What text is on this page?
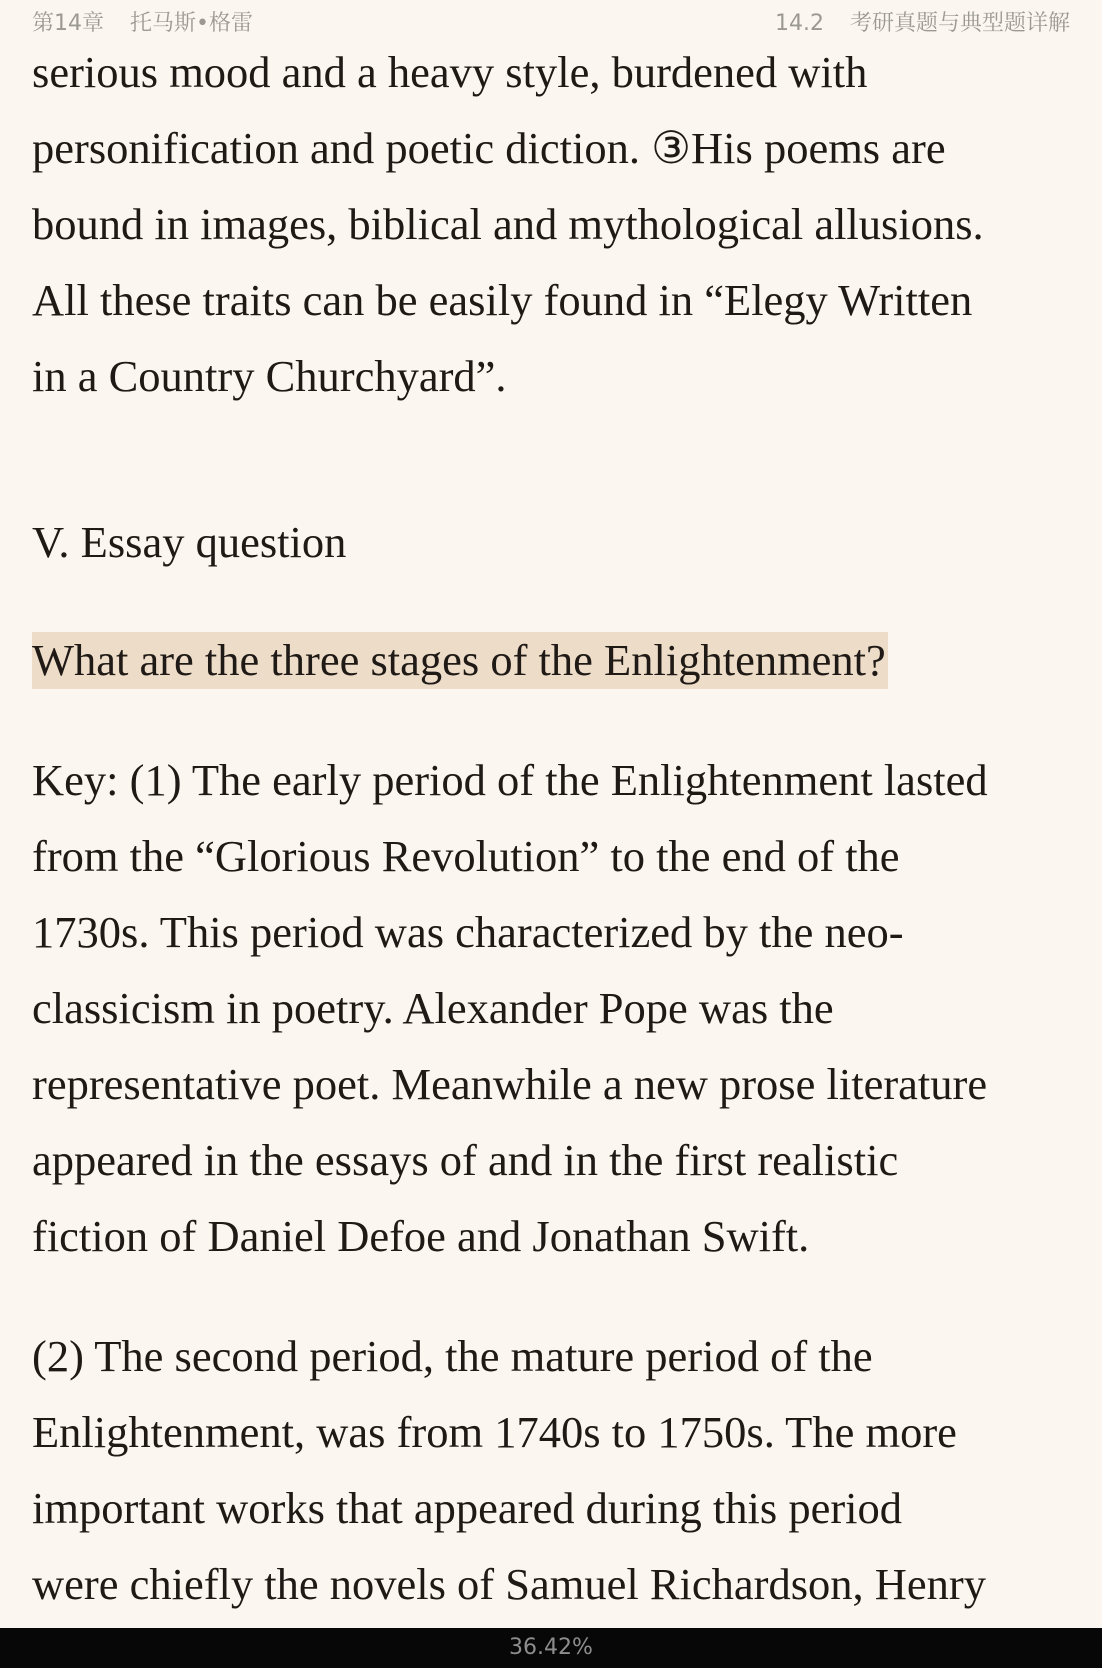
第14章 托马斯•格雷	14.2 考研真题与典型题详解

serious mood and a heavy style, burdened with
personification and poetic diction. ③His poems are
bound in images, biblical and mythological allusions.
All these traits can be easily found in “Elegy Written
in a Country Churchyard”.

V. Essay question
What are the three stages of the Enlightenment?
Key: (1) The early period of the Enlightenment lasted
from the “Glorious Revolution” to the end of the
1730s. This period was characterized by the neo-
classicism in poetry. Alexander Pope was the
representative poet. Meanwhile a new prose literature
appeared in the essays of and in the first realistic
fiction of Daniel Defoe and Jonathan Swift.
(2) The second period, the mature period of the
Enlightenment, was from 1740s to 1750s. The more
important works that appeared during this period
were chiefly the novels of Samuel Richardson, Henry
36.42%
